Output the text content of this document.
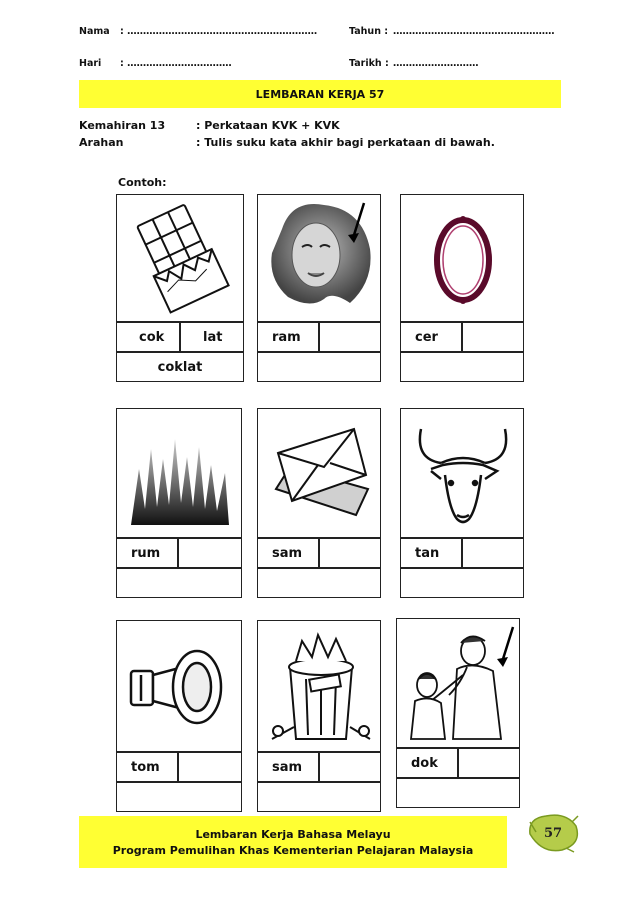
Nama : ……………………………………………………	Tahun : ……………………………………………
Hari : ……………………………	Tarikh : ………………………
LEMBARAN KERJA 57
Kemahiran 13	: Perkataan KVK + KVK
Arahan	: Tulis suku kata akhir bagi perkataan di bawah.
Contoh:
cok	lat
coklat
ram	cer
rum	sam	tan
tom	sam	dok
Lembaran Kerja Bahasa Melayu
Program Pemulihan Khas Kementerian Pelajaran Malaysia
57
